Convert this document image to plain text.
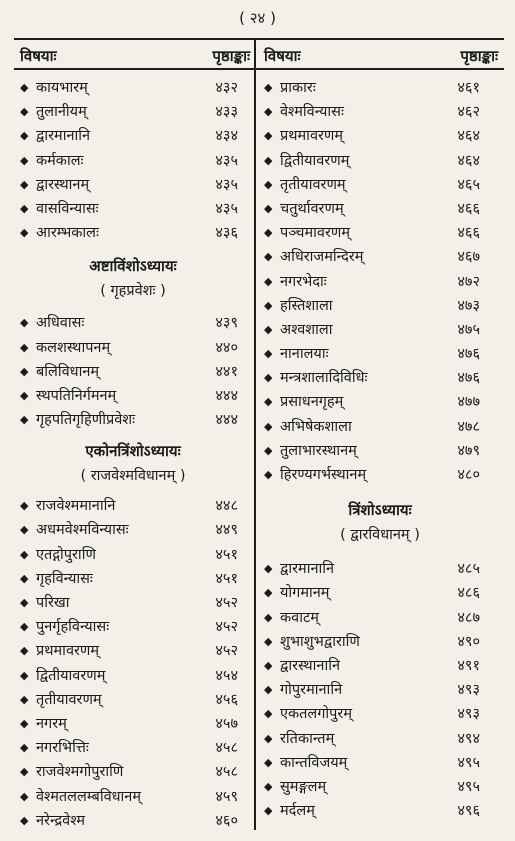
( २४ )
विषयाः	पृष्ठाङ्काः
◆ कायभारम्	४३२
◆ तुलानीयम्	४३३
◆ द्वारमानानि	४३४
◆ कर्मकालः	४३५
◆ द्वारस्थानम्	४३५
◆ वासविन्यासः	४३५
◆ आरम्भकालः	४३६
अष्टाविंशोऽध्यायः
( गृहप्रवेशः )
◆ अधिवासः	४३९
◆ कलशस्थापनम्	४४०
◆ बलिविधानम्	४४१
◆ स्थपतिनिर्गमनम्	४४४
◆ गृहपतिगृहिणीप्रवेशः	४४४
एकोनत्रिंशोऽध्यायः
( राजवेश्मविधानम् )
◆ राजवेश्ममानानि	४४८
◆ अधमवेश्मविन्यासः	४४९
◆ एतद्गोपुराणि	४५१
◆ गृहविन्यासः	४५१
◆ परिखा	४५२
◆ पुनर्गृहविन्यासः	४५२
◆ प्रथमावरणम्	४५२
◆ द्वितीयावरणम्	४५४
◆ तृतीयावरणम्	४५६
◆ नगरम्	४५७
◆ नगरभित्तिः	४५८
◆ राजवेश्मगोपुराणि	४५८
◆ वेश्मतललम्बविधानम्	४५९
◆ नरेन्द्रवेश्म	४६०
विषयाः	पृष्ठाङ्काः
◆ प्राकारः	४६१
◆ वेश्मविन्यासः	४६२
◆ प्रथमावरणम्	४६४
◆ द्वितीयावरणम्	४६४
◆ तृतीयावरणम्	४६५
◆ चतुर्थावरणम्	४६६
◆ पञ्चमावरणम्	४६६
◆ अधिराजमन्दिरम्	४६७
◆ नगरभेदाः	४७२
◆ हस्तिशाला	४७३
◆ अश्वशाला	४७५
◆ नानालयाः	४७६
◆ मन्त्रशालादिविधिः	४७६
◆ प्रसाधनगृहम्	४७७
◆ अभिषेकशाला	४७८
◆ तुलाभारस्थानम्	४७९
◆ हिरण्यगर्भस्थानम्	४८०
त्रिंशोऽध्यायः
( द्वारविधानम् )
◆ द्वारमानानि	४८५
◆ योगमानम्	४८६
◆ कवाटम्	४८७
◆ शुभाशुभद्वाराणि	४९०
◆ द्वारस्थानानि	४९१
◆ गोपुरमानानि	४९३
◆ एकतलगोपुरम्	४९३
◆ रतिकान्तम्	४९४
◆ कान्तविजयम्	४९५
◆ सुमङ्गलम्	४९५
◆ मर्दलम्	४९६
